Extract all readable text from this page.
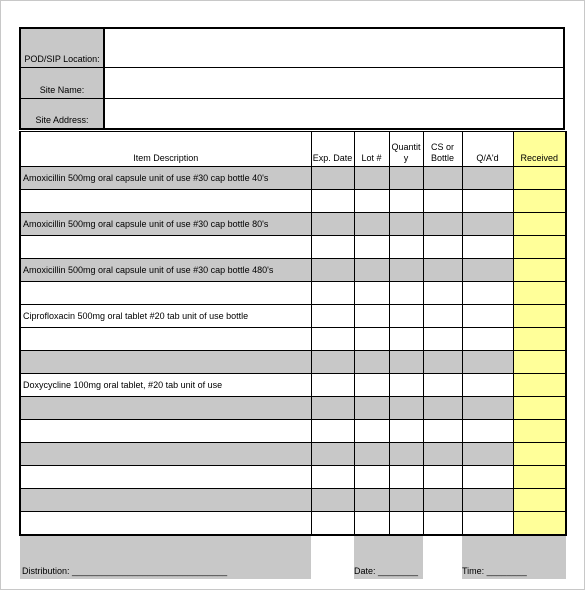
POD/SIP Location:
Site Name:
Site Address:
Item Description	Exp. Date	Lot #	Quantit y	CS or Bottle	Q/A'd	Received
Amoxicillin 500mg oral capsule unit of use #30 cap bottle 40's						

Amoxicillin 500mg oral capsule unit of use #30 cap bottle 80's						

Amoxicillin 500mg oral capsule unit of use #30 cap bottle 480's						

Ciprofloxacin 500mg oral tablet #20 tab unit of use bottle						

Doxycycline 100mg oral tablet, #20 tab unit of use						

Distribution: _______________________________		Date: ________			Time: ________	
